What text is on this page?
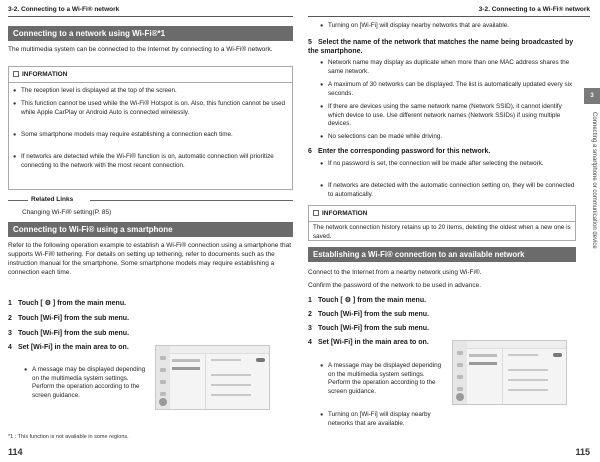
3-2. Connecting to a Wi-Fi® network
Connecting to a network using Wi-Fi®*1
The multimedia system can be connected to the Internet by connecting to a Wi-Fi® network.
INFORMATION
● The reception level is displayed at the top of the screen.
● This function cannot be used while the Wi-Fi® Hotspot is on. Also, this function cannot be used while Apple CarPlay or Android Auto is connected wirelessly.
● Some smartphone models may require establishing a connection each time.
● If networks are detected while the Wi-Fi® function is on, automatic connection will prioritize connecting to the network with the most recent connection.
Related Links
Changing Wi-Fi® setting(P. 85)
Connecting to Wi-Fi® using a smartphone
Refer to the following operation example to establish a Wi-Fi® connection using a smartphone that supports Wi-Fi® tethering. For details on setting up tethering, refer to documents such as the instruction manual for the smartphone. Some smartphone models may require establishing a connection each time.
1 Touch [ ⚙ ] from the main menu.
2 Touch [Wi-Fi] from the sub menu.
3 Touch [Wi-Fi] from the sub menu.
4 Set [Wi-Fi] in the main area to on.
● A message may be displayed depending on the multimedia system settings. Perform the operation according to the screen guidance.
*1 : This function is not available in some regions.
114
3-2. Connecting to a Wi-Fi® network
● Turning on [Wi-Fi] will display nearby networks that are available.
5 Select the name of the network that matches the name being broadcasted by the smartphone.
● Network name may display as duplicate when more than one MAC address shares the same network.
● A maximum of 30 networks can be displayed. The list is automatically updated every six seconds.
● If there are devices using the same network name (Network SSID), it cannot identify which device to use. Use different network names (Network SSIDs) if using multiple devices.
● No selections can be made while driving.
6 Enter the corresponding password for this network.
● If no password is set, the connection will be made after selecting the network.
● If networks are detected with the automatic connection setting on, they will be connected to automatically.
INFORMATION
The network connection history retains up to 20 items, deleting the oldest when a new one is saved.
Establishing a Wi-Fi® connection to an available network
Connect to the Internet from a nearby network using Wi-Fi®.
Confirm the password of the network to be used in advance.
1 Touch [ ⚙ ] from the main menu.
2 Touch [Wi-Fi] from the sub menu.
3 Touch [Wi-Fi] from the sub menu.
4 Set [Wi-Fi] in the main area to on.
● A message may be displayed depending on the multimedia system settings. Perform the operation according to the screen guidance.
● Turning on [Wi-Fi] will display nearby networks that are available.
3
Connecting a smartphone or communication device
115
